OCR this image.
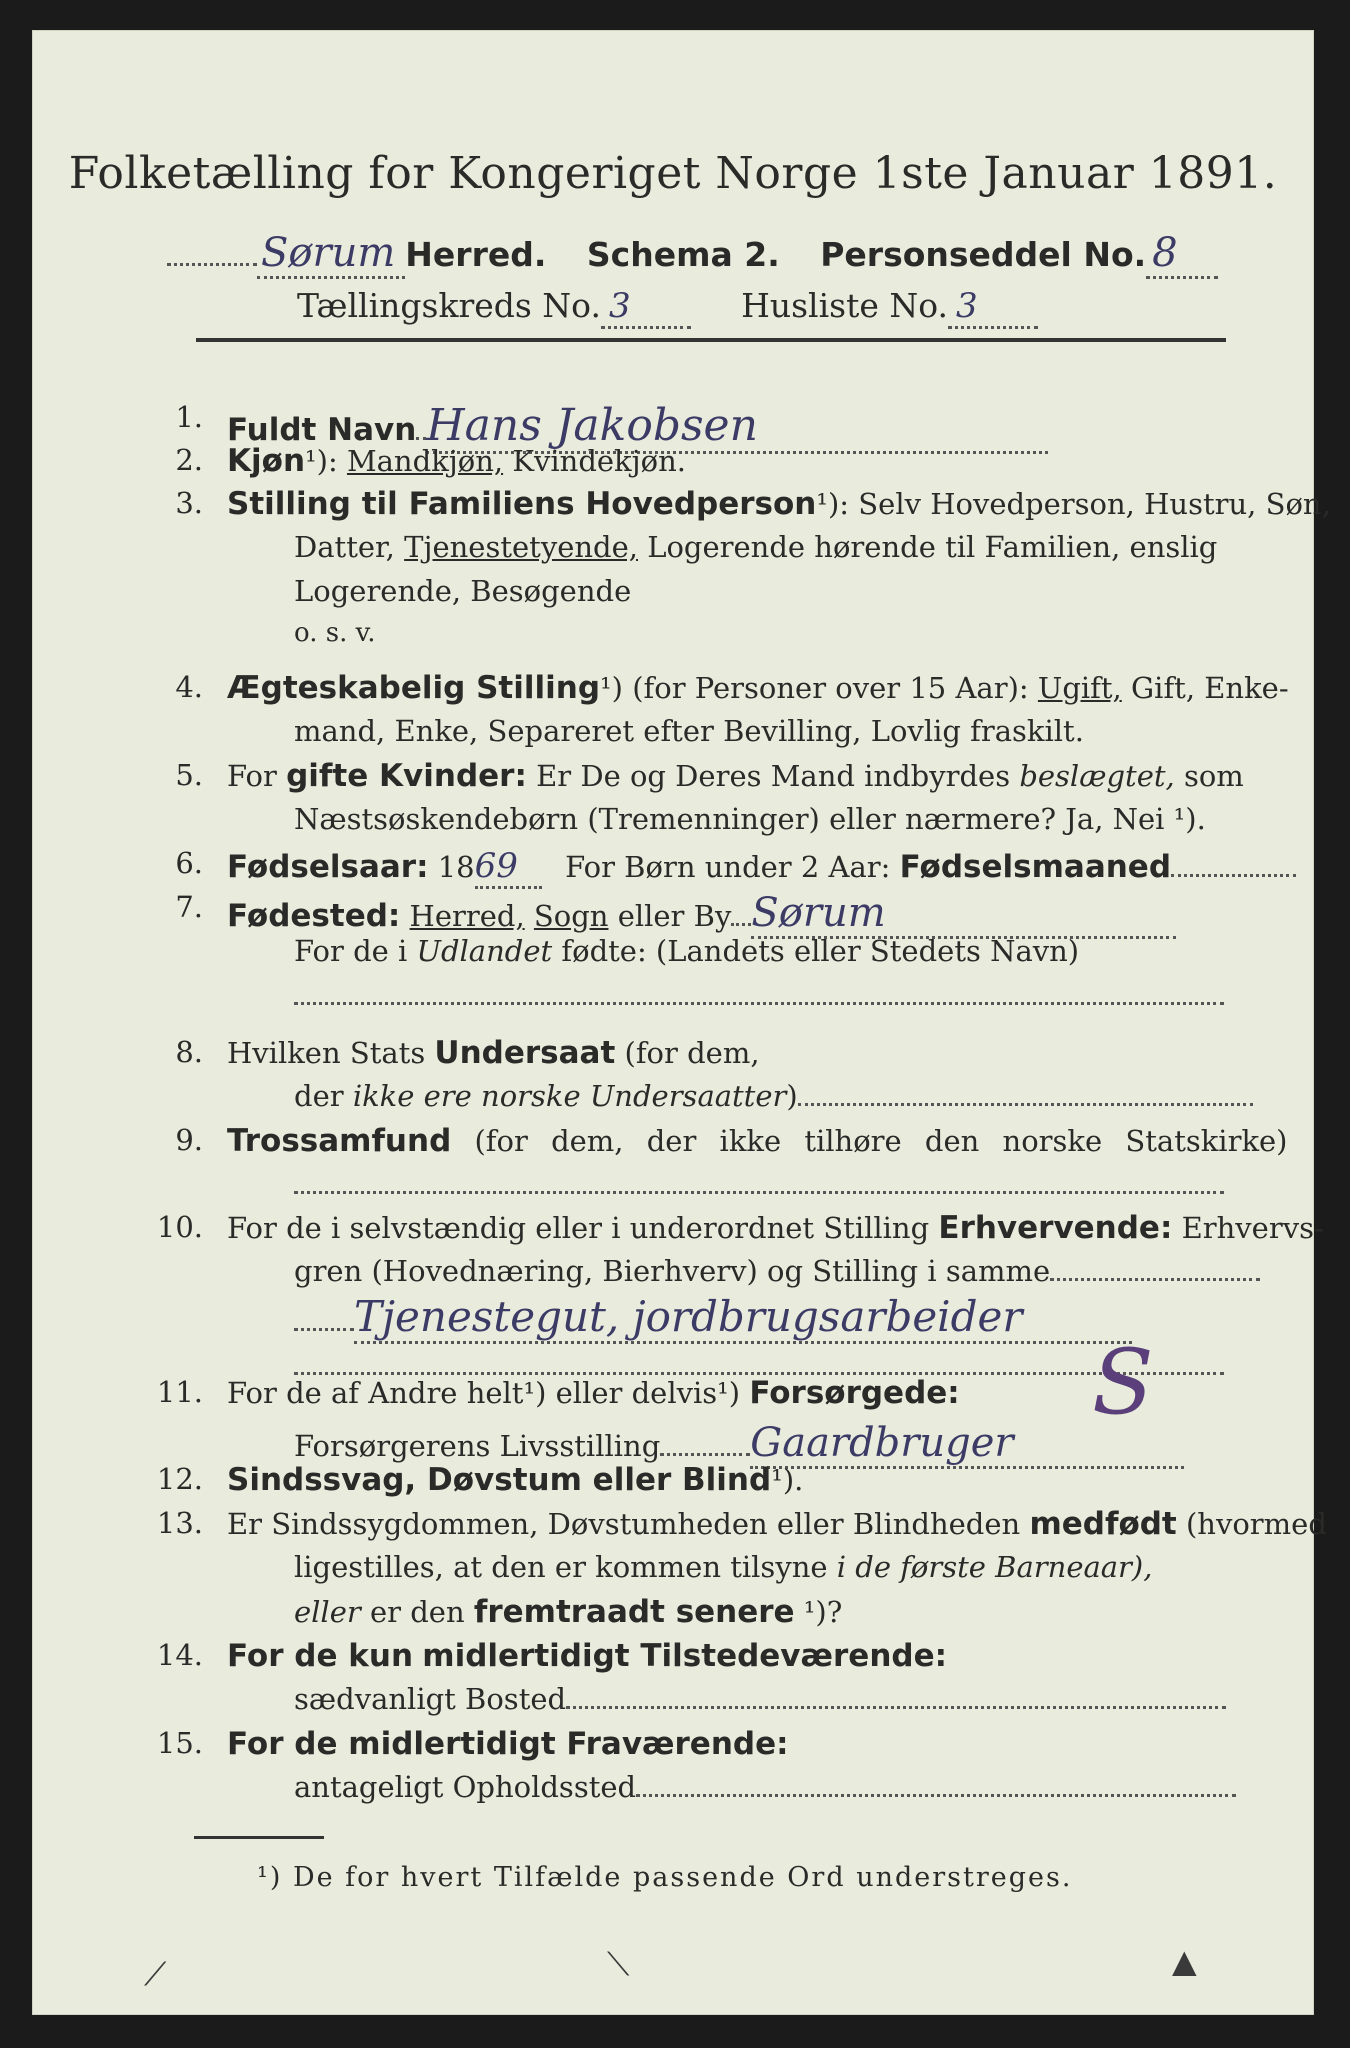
Folketælling for Kongeriget Norge 1ste Januar 1891.
Sørum Herred. Schema 2. Personseddel No. 8
Tællingskreds No. 3	Husliste No. 3
1. Fuldt Navn Hans Jakobsen
2. Kjøn¹): Mandkjøn, Kvindekjøn.
3. Stilling til Familiens Hovedperson¹): Selv Hovedperson, Hustru, Søn,
Datter, Tjenestetyende, Logerende hørende til Familien, enslig
Logerende, Besøgende
o. s. v.
4. Ægteskabelig Stilling¹) (for Personer over 15 Aar): Ugift, Gift, Enke-
mand, Enke, Separeret efter Bevilling, Lovlig fraskilt.
5. For gifte Kvinder: Er De og Deres Mand indbyrdes beslægtet, som
Næstsøskendebørn (Tremenninger) eller nærmere? Ja, Nei ¹).
6. Fødselsaar: 1869 For Børn under 2 Aar: Fødselsmaaned
7. Fødested: Herred, Sogn eller By Sørum
For de i Udlandet fødte: (Landets eller Stedets Navn)
8. Hvilken Stats Undersaat (for dem,
der ikke ere norske Undersaatter)
9. Trossamfund (for dem, der ikke tilhøre den norske Statskirke)
10. For de i selvstændig eller i underordnet Stilling Erhvervende: Erhvervs-
gren (Hovednæring, Bierhverv) og Stilling i samme
Tjenestegut, jordbrugsarbeider
11. For de af Andre helt¹) eller delvis¹) Forsørgede:
Forsørgerens Livsstilling Gaardbruger
S
12. Sindssvag, Døvstum eller Blind¹).
13. Er Sindssygdommen, Døvstumheden eller Blindheden medfødt (hvormed
ligestilles, at den er kommen tilsyne i de første Barneaar),
eller er den fremtraadt senere ¹)?
14. For de kun midlertidigt Tilstedeværende:
sædvanligt Bosted
15. For de midlertidigt Fraværende:
antageligt Opholdssted
¹) De for hvert Tilfælde passende Ord understreges.
⟋	⟍	▲
